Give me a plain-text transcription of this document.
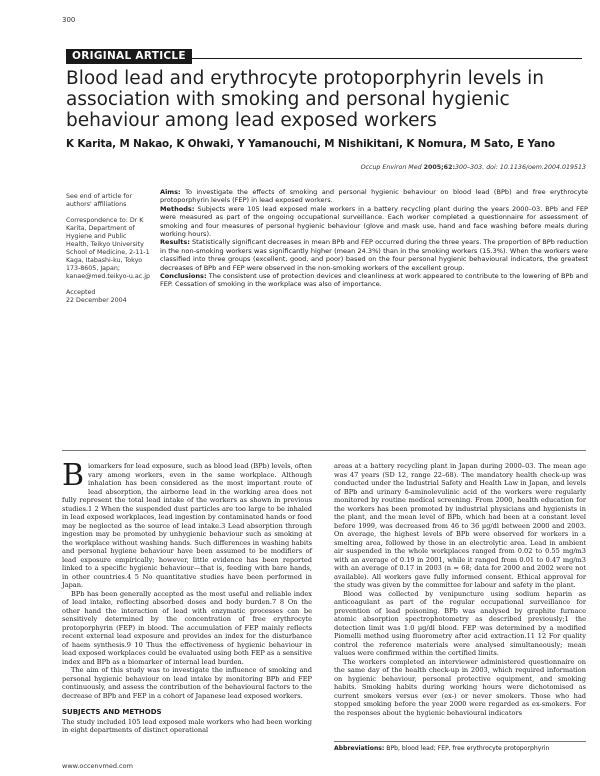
300
ORIGINAL ARTICLE
Blood lead and erythrocyte protoporphyrin levels in association with smoking and personal hygienic behaviour among lead exposed workers
K Karita, M Nakao, K Ohwaki, Y Yamanouchi, M Nishikitani, K Nomura, M Sato, E Yano
Occup Environ Med 2005;62:300–303. doi: 10.1136/oem.2004.019513

See end of article for authors' affiliations

Correspondence to: Dr K Karita, Department of Hygiene and Public Health, Teikyo University School of Medicine, 2-11-1 Kaga, Itabashi-ku, Tokyo 173-8605, Japan; kanae@med.teikyo-u.ac.jp

Accepted
22 December 2004

Aims: To investigate the effects of smoking and personal hygienic behaviour on blood lead (BPb) and free erythrocyte protoporphyrin levels (FEP) in lead exposed workers.

Methods: Subjects were 105 lead exposed male workers in a battery recycling plant during the years 2000–03. BPb and FEP were measured as part of the ongoing occupational surveillance. Each worker completed a questionnaire for assessment of smoking and four measures of personal hygienic behaviour (glove and mask use, hand and face washing before meals during working hours).

Results: Statistically significant decreases in mean BPb and FEP occurred during the three years. The proportion of BPb reduction in the non-smoking workers was significantly higher (mean 24.3%) than in the smoking workers (15.3%). When the workers were classified into three groups (excellent, good, and poor) based on the four personal hygienic behavioural indicators, the greatest decreases of BPb and FEP were observed in the non-smoking workers of the excellent group.

Conclusions: The consistent use of protection devices and cleanliness at work appeared to contribute to the lowering of BPb and FEP. Cessation of smoking in the workplace was also of importance.

Biomarkers for lead exposure, such as blood lead (BPb) levels, often vary among workers, even in the same workplace. Although inhalation has been considered as the most important route of lead absorption, the airborne lead in the working area does not fully represent the total lead intake of the workers as shown in previous studies.1 2 When the suspended dust particles are too large to be inhaled in lead exposed workplaces, lead ingestion by contaminated hands or food may be neglected as the source of lead intake.3 Lead absorption through ingestion may be promoted by unhygienic behaviour such as smoking at the workplace without washing hands. Such differences in washing habits and personal hygiene behaviour have been assumed to be modifiers of lead exposure empirically; however, little evidence has been reported linked to a specific hygienic behaviour—that is, feeding with bare hands, in other countries.4 5 No quantitative studies have been performed in Japan.

BPb has been generally accepted as the most useful and reliable index of lead intake, reflecting absorbed doses and body burden.7 8 On the other hand the interaction of lead with enzymatic processes can be sensitively determined by the concentration of free erythrocyte protoporphyrin (FEP) in blood. The accumulation of FEP mainly reflects recent external lead exposure and provides an index for the disturbance of haem synthesis.9 10 Thus the effectiveness of hygienic behaviour in lead exposed workplaces could be evaluated using both FEP as a sensitive index and BPb as a biomarker of internal lead burden.

The aim of this study was to investigate the influence of smoking and personal hygienic behaviour on lead intake by monitoring BPb and FEP continuously, and assess the contribution of the behavioural factors to the decrease of BPb and FEP in a cohort of Japanese lead exposed workers.

SUBJECTS AND METHODS

The study included 105 lead exposed male workers who had been working in eight departments of distinct operational

areas at a battery recycling plant in Japan during 2000–03. The mean age was 47 years (SD 12, range 22–68). The mandatory health check-up was conducted under the Industrial Safety and Health Law in Japan, and levels of BPb and urinary δ-aminolevulinic acid of the workers were regularly monitored by routine medical screening. From 2000, health education for the workers has been promoted by industrial physicians and hygienists in the plant, and the mean level of BPb, which had been at a constant level before 1999, was decreased from 46 to 36 µg/dl between 2000 and 2003. On average, the highest levels of BPb were observed for workers in a smelting area, followed by those in an electrolytic area. Lead in ambient air suspended in the whole workplaces ranged from 0.02 to 0.55 mg/m3 with an average of 0.19 in 2001, while it ranged from 0.01 to 0.47 mg/m3 with an average of 0.17 in 2003 (n = 68; data for 2000 and 2002 were not available). All workers gave fully informed consent. Ethical approval for the study was given by the committee for labour and safety in the plant.

Blood was collected by venipuncture using sodium heparin as anticoagulant as part of the regular occupational surveillance for prevention of lead poisoning. BPb was analysed by graphite furnace atomic absorption spectrophotometry as described previously;1 the detection limit was 1.0 µg/dl blood. FEP was determined by a modified Piomelli method using fluorometry after acid extraction.11 12 For quality control the reference materials were analysed simultaneously; mean values were confirmed within the certified limits.

The workers completed an interviewer administered questionnaire on the same day of the health check-up in 2003, which required information on hygienic behaviour, personal protective equipment, and smoking habits. Smoking habits during working hours were dichotomised as current smokers versus ever (ex-) or never smokers. Those who had stopped smoking before the year 2000 were regarded as ex-smokers. For the responses about the hygienic behavioural indicators

Abbreviations: BPb, blood lead; FEP, free erythrocyte protoporphyrin
www.occenvmed.com
